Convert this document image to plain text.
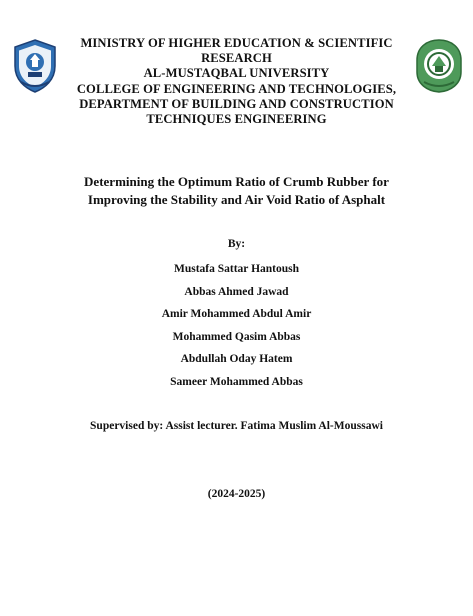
MINISTRY OF HIGHER EDUCATION & SCIENTIFIC
RESEARCH
AL-MUSTAQBAL UNIVERSITY
COLLEGE OF ENGINEERING AND TECHNOLOGIES,
DEPARTMENT OF BUILDING AND CONSTRUCTION
TECHNIQUES ENGINEERING
Determining the Optimum Ratio of Crumb Rubber for
Improving the Stability and Air Void Ratio of Asphalt
By:
Mustafa Sattar Hantoush
Abbas Ahmed Jawad
Amir Mohammed Abdul Amir
Mohammed Qasim Abbas
Abdullah Oday Hatem
Sameer Mohammed Abbas
Supervised by: Assist lecturer. Fatima Muslim Al-Moussawi
(2024-2025)
